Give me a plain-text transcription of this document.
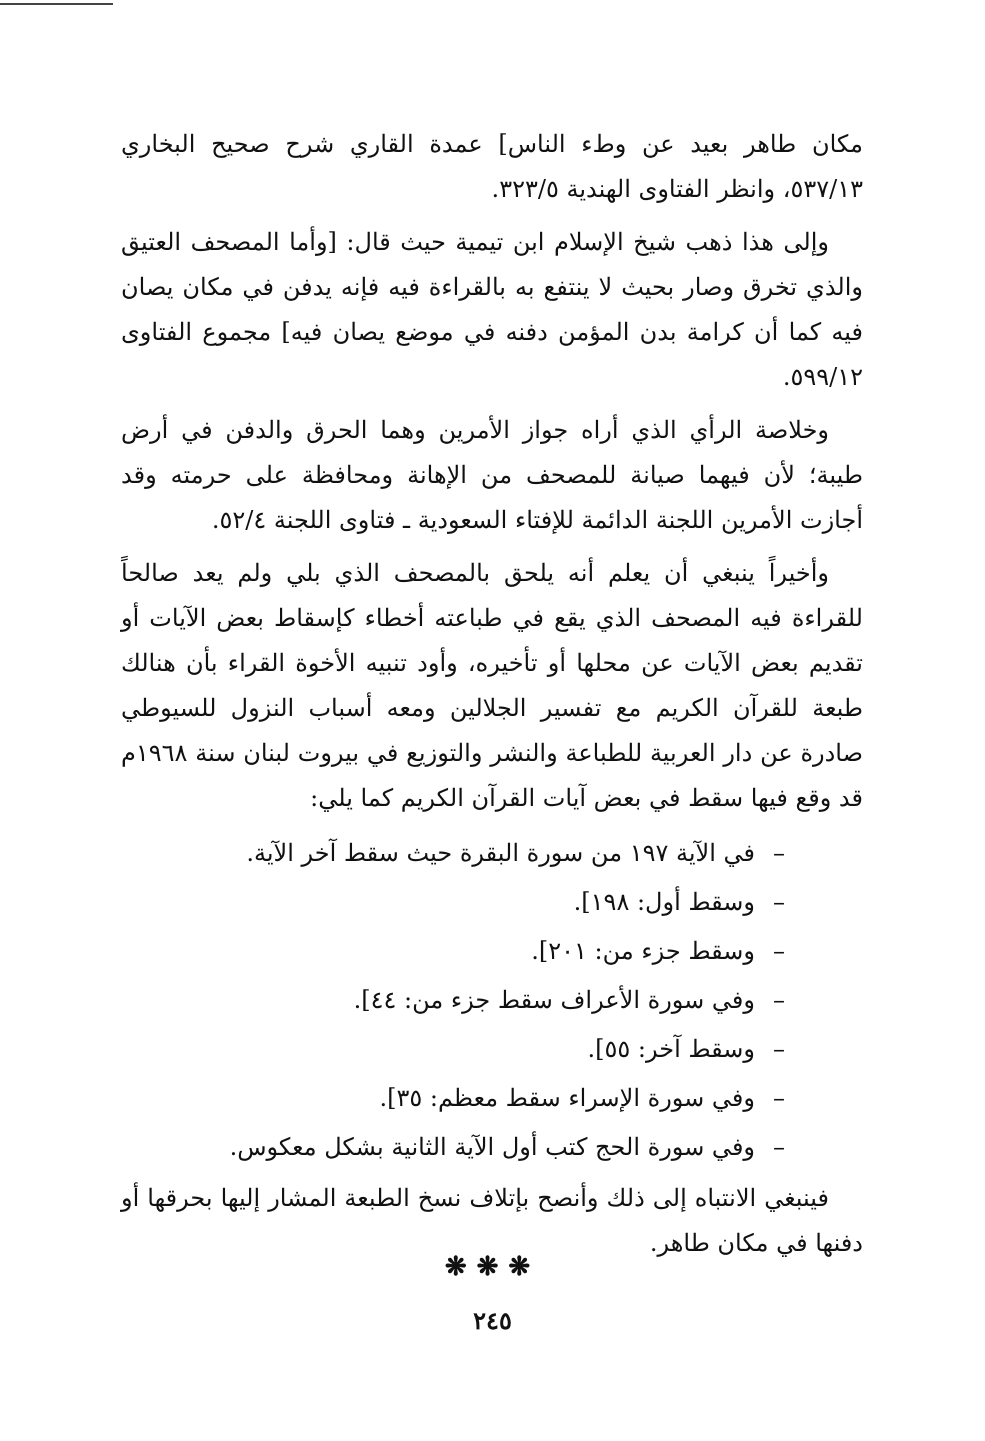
مكان طاهر بعيد عن وطء الناس] عمدة القاري شرح صحيح البخاري ٥٣٧/١٣، وانظر الفتاوى الهندية ٣٢٣/٥.

وإلى هذا ذهب شيخ الإسلام ابن تيمية حيث قال: [وأما المصحف العتيق والذي تخرق وصار بحيث لا ينتفع به بالقراءة فيه فإنه يدفن في مكان يصان فيه كما أن كرامة بدن المؤمن دفنه في موضع يصان فيه] مجموع الفتاوى ٥٩٩/١٢.

وخلاصة الرأي الذي أراه جواز الأمرين وهما الحرق والدفن في أرض طيبة؛ لأن فيهما صيانة للمصحف من الإهانة ومحافظة على حرمته وقد أجازت الأمرين اللجنة الدائمة للإفتاء السعودية ـ فتاوى اللجنة ٥٢/٤.

وأخيراً ينبغي أن يعلم أنه يلحق بالمصحف الذي بلي ولم يعد صالحاً للقراءة فيه المصحف الذي يقع في طباعته أخطاء كإسقاط بعض الآيات أو تقديم بعض الآيات عن محلها أو تأخيره، وأود تنبيه الأخوة القراء بأن هنالك طبعة للقرآن الكريم مع تفسير الجلالين ومعه أسباب النزول للسيوطي صادرة عن دار العربية للطباعة والنشر والتوزيع في بيروت لبنان سنة ١٩٦٨م قد وقع فيها سقط في بعض آيات القرآن الكريم كما يلي:

–في الآية ١٩٧ من سورة البقرة حيث سقط آخر الآية.
–وسقط أول: ١٩٨].
–وسقط جزء من: ٢٠١].
–وفي سورة الأعراف سقط جزء من: ٤٤].
–وسقط آخر: ٥٥].
–وفي سورة الإسراء سقط معظم: ٣٥].
–وفي سورة الحج كتب أول الآية الثانية بشكل معكوس.

فينبغي الانتباه إلى ذلك وأنصح بإتلاف نسخ الطبعة المشار إليها بحرقها أو دفنها في مكان طاهر.

❋❋❋
٢٤٥
